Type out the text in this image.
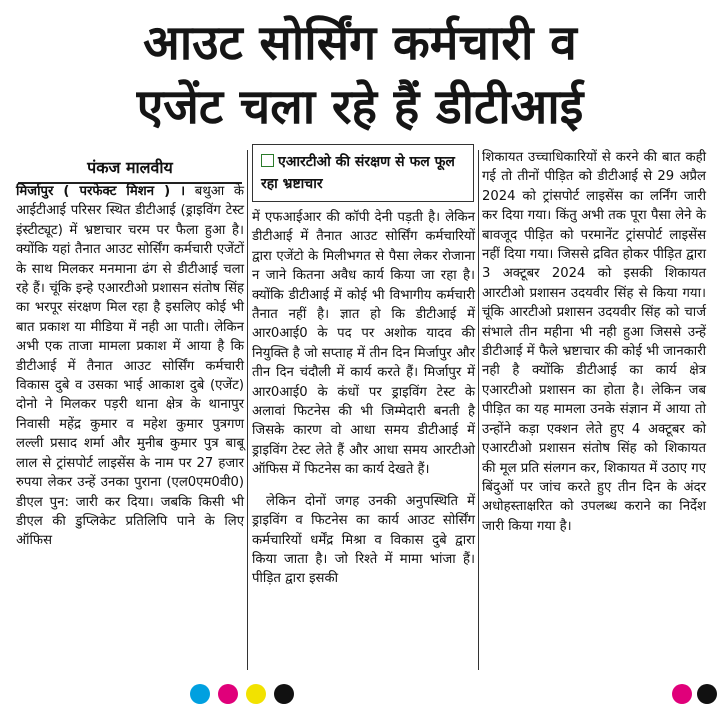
आउट सोर्सिंग कर्मचारी व
एजेंट चला रहे हैं डीटीआई
पंकज मालवीय

मिर्जापुर ( परफेक्ट मिशन ) । बथुआ के आईटीआई परिसर स्थित डीटीआई (ड्राइविंग टेस्ट इंस्टीट्यूट) में भ्रष्टाचार चरम पर फैला हुआ है। क्योंकि यहां तैनात आउट सोर्सिंग कर्मचारी एजेंटों के साथ मिलकर मनमाना ढंग से डीटीआई चला रहे हैं। चूंकि इन्हे एआरटीओ प्रशासन संतोष सिंह का भरपूर संरक्षण मिल रहा है इसलिए कोई भी बात प्रकाश या मीडिया में नही आ पाती। लेकिन अभी एक ताजा मामला प्रकाश में आया है कि डीटीआई में तैनात आउट सोर्सिंग कर्मचारी विकास दुबे व उसका भाई आकाश दुबे (एजेंट) दोनो ने मिलकर पड़री थाना क्षेत्र के थानापुर निवासी महेंद्र कुमार व महेश कुमार पुत्रगण लल्ली प्रसाद शर्मा और मुनीब कुमार पुत्र बाबू लाल से ट्रांसपोर्ट लाइसेंस के नाम पर 27 हजार रुपया लेकर उन्हें उनका पुराना (एल0एम0वी0) डीएल पुन: जारी कर दिया। जबकि किसी भी डीएल की डुप्लिकेट प्रतिलिपि पाने के लिए ऑफिस

एआरटीओ की संरक्षण से फल फूल रहा भ्रष्टाचार

में एफआईआर की कॉपी देनी पड़ती है। लेकिन डीटीआई में तैनात आउट सोर्सिंग कर्मचारियों द्वारा एजेंटो के मिलीभगत से पैसा लेकर रोजाना न जाने कितना अवैध कार्य किया जा रहा है। क्योंकि डीटीआई में कोई भी विभागीय कर्मचारी तैनात नहीं है। ज्ञात हो कि डीटीआई में आर0आई0 के पद पर अशोक यादव की नियुक्ति है जो सप्ताह में तीन दिन मिर्जापुर और तीन दिन चंदौली में कार्य करते हैं। मिर्जापुर में आर0आई0 के कंधों पर ड्राइविंग टेस्ट के अलावां फिटनेस की भी जिम्मेदारी बनती है जिसके कारण वो आधा समय डीटीआई में ड्राइविंग टेस्ट लेते हैं और आधा समय आरटीओ ऑफिस में फिटनेस का कार्य देखते हैं।

लेकिन दोनों जगह उनकी अनुपस्थिति में ड्राइविंग व फिटनेस का कार्य आउट सोर्सिंग कर्मचारियों धर्मेंद्र मिश्रा व विकास दुबे द्वारा किया जाता है। जो रिश्ते में मामा भांजा हैं। पीड़ित द्वारा इसकी

शिकायत उच्चाधिकारियों से करने की बात कही गई तो तीनों पीड़ित को डीटीआई से 29 अप्रैल 2024 को ट्रांसपोर्ट लाइसेंस का लर्निंग जारी कर दिया गया। किंतु अभी तक पूरा पैसा लेने के बावजूद पीड़ित को परमानेंट ट्रांसपोर्ट लाइसेंस नहीं दिया गया। जिससे द्रवित होकर पीड़ित द्वारा 3 अक्टूबर 2024 को इसकी शिकायत आरटीओ प्रशासन उदयवीर सिंह से किया गया। चूंकि आरटीओ प्रशासन उदयवीर सिंह को चार्ज संभाले तीन महीना भी नही हुआ जिससे उन्हें डीटीआई में फैले भ्रष्टाचार की कोई भी जानकारी नही है क्योंकि डीटीआई का कार्य क्षेत्र एआरटीओ प्रशासन का होता है। लेकिन जब पीड़ित का यह मामला उनके संज्ञान में आया तो उन्होंने कड़ा एक्शन लेते हुए 4 अक्टूबर को एआरटीओ प्रशासन संतोष सिंह को शिकायत की मूल प्रति संलगन कर, शिकायत में उठाए गए बिंदुओं पर जांच करते हुए तीन दिन के अंदर अधोहस्ताक्षरित को उपलब्ध कराने का निर्देश जारी किया गया है।
